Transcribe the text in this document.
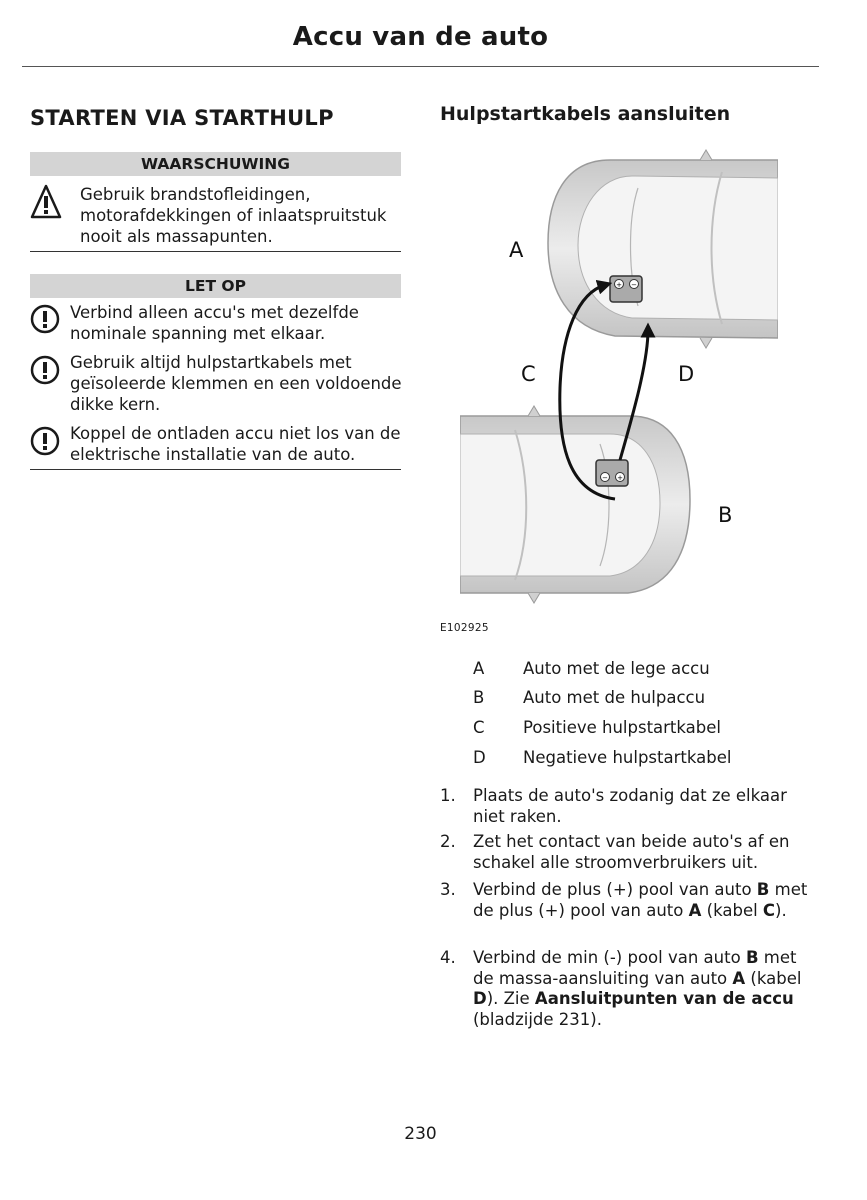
Accu van de auto
STARTEN VIA STARTHULP
WAARSCHUWING
Gebruik brandstofleidingen, motorafdekkingen of inlaatspruitstuk nooit als massapunten.
LET OP
Verbind alleen accu's met dezelfde nominale spanning met elkaar.
Gebruik altijd hulpstartkabels met geïsoleerde klemmen en een voldoende dikke kern.
Koppel de ontladen accu niet los van de elektrische installatie van de auto.
Hulpstartkabels aansluiten
+ −
− +
A
C	D
B
E102925
A Auto met de lege accu
B Auto met de hulpaccu
C Positieve hulpstartkabel
D Negatieve hulpstartkabel
1. Plaats de auto's zodanig dat ze elkaar niet raken.
2. Zet het contact van beide auto's af en schakel alle stroomverbruikers uit.
3. Verbind de plus (+) pool van auto B met de plus (+) pool van auto A (kabel C).
4. Verbind de min (-) pool van auto B met de massa-aansluiting van auto A (kabel D). Zie Aansluitpunten van de accu (bladzijde 231).
230
